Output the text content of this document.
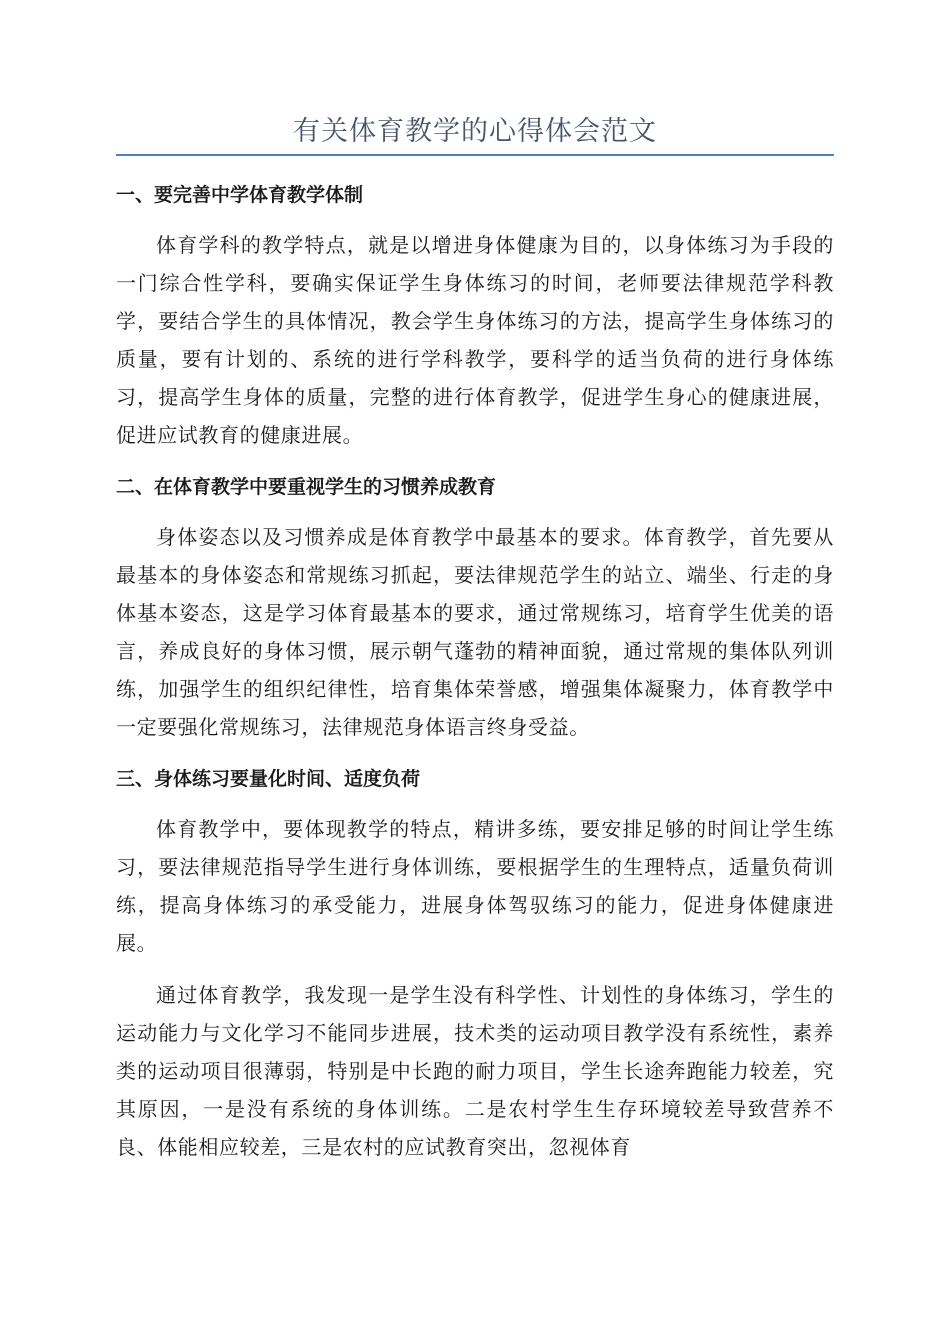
有关体育教学的心得体会范文
一、要完善中学体育教学体制

体育学科的教学特点，就是以增进身体健康为目的，以身体练习为手段的一门综合性学科，要确实保证学生身体练习的时间，老师要法律规范学科教学，要结合学生的具体情况，教会学生身体练习的方法，提高学生身体练习的质量，要有计划的、系统的进行学科教学，要科学的适当负荷的进行身体练习，提高学生身体的质量，完整的进行体育教学，促进学生身心的健康进展，促进应试教育的健康进展。

二、在体育教学中要重视学生的习惯养成教育

身体姿态以及习惯养成是体育教学中最基本的要求。体育教学，首先要从最基本的身体姿态和常规练习抓起，要法律规范学生的站立、端坐、行走的身体基本姿态，这是学习体育最基本的要求，通过常规练习，培育学生优美的语言，养成良好的身体习惯，展示朝气蓬勃的精神面貌，通过常规的集体队列训练，加强学生的组织纪律性，培育集体荣誉感，增强集体凝聚力，体育教学中一定要强化常规练习，法律规范身体语言终身受益。

三、身体练习要量化时间、适度负荷

体育教学中，要体现教学的特点，精讲多练，要安排足够的时间让学生练习，要法律规范指导学生进行身体训练，要根据学生的生理特点，适量负荷训练，提高身体练习的承受能力，进展身体驾驭练习的能力，促进身体健康进展。

通过体育教学，我发现一是学生没有科学性、计划性的身体练习，学生的运动能力与文化学习不能同步进展，技术类的运动项目教学没有系统性，素养类的运动项目很薄弱，特别是中长跑的耐力项目，学生长途奔跑能力较差，究其原因，一是没有系统的身体训练。二是农村学生生存环境较差导致营养不良、体能相应较差，三是农村的应试教育突出，忽视体育
